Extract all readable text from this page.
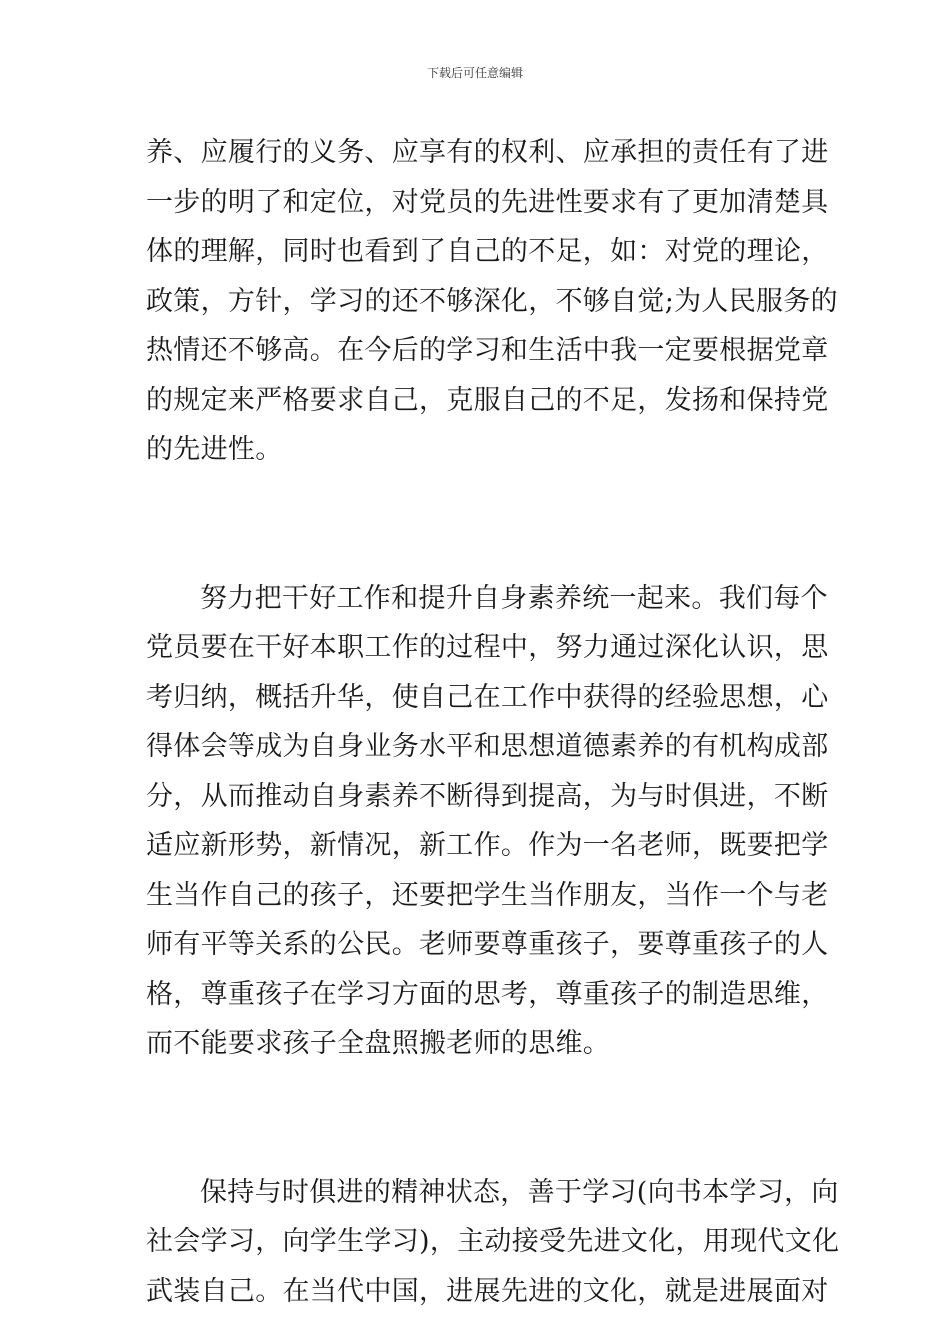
下载后可任意编辑
养、应履行的义务、应享有的权利、应承担的责任有了进
一步的明了和定位，对党员的先进性要求有了更加清楚具
体的理解，同时也看到了自己的不足，如：对党的理论，
政策，方针，学习的还不够深化，不够自觉;为人民服务的
热情还不够高。在今后的学习和生活中我一定要根据党章
的规定来严格要求自己，克服自己的不足，发扬和保持党
的先进性。
努力把干好工作和提升自身素养统一起来。我们每个
党员要在干好本职工作的过程中，努力通过深化认识，思
考归纳，概括升华，使自己在工作中获得的经验思想，心
得体会等成为自身业务水平和思想道德素养的有机构成部
分，从而推动自身素养不断得到提高，为与时俱进，不断
适应新形势，新情况，新工作。作为一名老师，既要把学
生当作自己的孩子，还要把学生当作朋友，当作一个与老
师有平等关系的公民。老师要尊重孩子，要尊重孩子的人
格，尊重孩子在学习方面的思考，尊重孩子的制造思维，
而不能要求孩子全盘照搬老师的思维。
保持与时俱进的精神状态，善于学习(向书本学习，向
社会学习，向学生学习)，主动接受先进文化，用现代文化
武装自己。在当代中国，进展先进的文化，就是进展面对
